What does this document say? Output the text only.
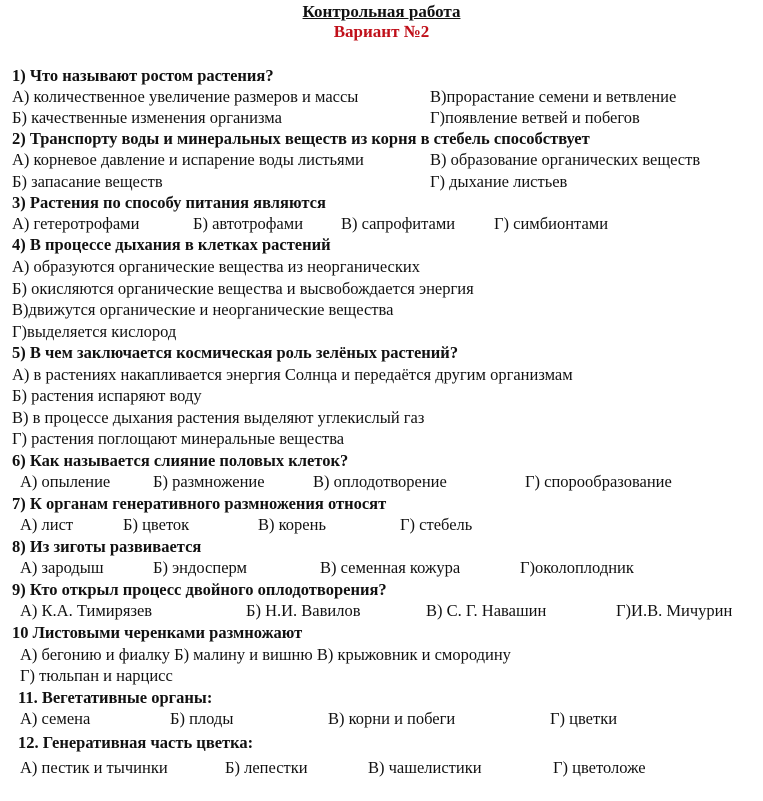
Контрольная работа
Вариант №2
1) Что называют ростом растения?
А) количественное увеличение размеров и массы	В)прорастание семени и ветвление
Б) качественные изменения организма	Г)появление ветвей и побегов
2) Транспорту воды и минеральных веществ из корня в стебель способствует
А) корневое давление и испарение воды листьями	В) образование органических веществ
Б) запасание веществ	Г) дыхание листьев
3) Растения по способу питания являются
А) гетеротрофами	Б) автотрофами В) сапрофитами Г) симбионтами
4) В процессе дыхания в клетках растений
А) образуются органические вещества из неорганических
Б) окисляются органические вещества и высвобождается энергия
В)движутся органические и неорганические вещества
Г)выделяется кислород
5) В чем заключается космическая роль зелёных растений?
А) в растениях накапливается энергия Солнца и передаётся другим организмам
Б) растения испаряют воду
В) в процессе дыхания растения выделяют углекислый газ
Г) растения поглощают минеральные вещества
6) Как называется слияние половых клеток?
А) опыление	Б) размножение	В) оплодотворение	Г) спорообразование
7) К органам генеративного размножения относят
А) лист	Б) цветок	В) корень	Г) стебель
8) Из зиготы развивается
А) зародыш	Б) эндосперм	В) семенная кожура	Г)околоплодник
9) Кто открыл процесс двойного оплодотворения?
А) К.А. Тимирязев	Б) Н.И. Вавилов	В) С. Г. Навашин	Г)И.В. Мичурин
10 Листовыми черенками размножают
А) бегонию и фиалку Б) малину и вишню В) крыжовник и смородину
Г) тюльпан и нарцисс
11. Вегетативные органы:
А) семена	Б) плоды	В) корни и побеги	Г) цветки
12. Генеративная часть цветка:
А) пестик и тычинки	Б) лепестки	В) чашелистики	Г) цветоложе
